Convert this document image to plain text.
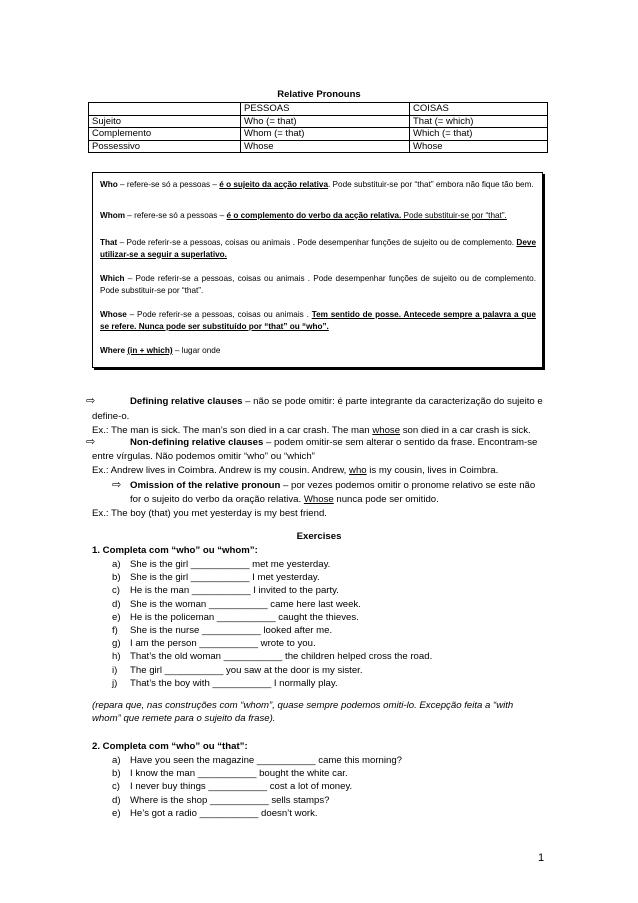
Relative Pronouns
	PESSOAS	COISAS
Sujeito	Who (= that)	That (= which)
Complemento	Whom (= that)	Which (= that)
Possessivo	Whose	Whose
Who – refere-se só a pessoas – é o sujeito da acção relativa. Pode substituir-se por “that” embora não fique tão bem.
Whom – refere-se só a pessoas – é o complemento do verbo da acção relativa. Pode substituir-se por “that”.
That – Pode referir-se a pessoas, coisas ou animais . Pode desempenhar funções de sujeito ou de complemento. Deve utilizar-se a seguir a superlativo.
Which – Pode referir-se a pessoas, coisas ou animais . Pode desempenhar funções de sujeito ou de complemento. Pode substituir-se por “that”.
Whose – Pode referir-se a pessoas, coisas ou animais . Tem sentido de posse. Antecede sempre a palavra a que se refere. Nunca pode ser substituído por “that” ou “who”.
Where (in + which) – lugar onde
⇨	Defining relative clauses – não se pode omitir: é parte integrante da caracterização do sujeito e
define-o.
Ex.: The man is sick. The man’s son died in a car crash. The man whose son died in a car crash is sick.
⇨	Non-defining relative clauses – podem omitir-se sem alterar o sentido da frase. Encontram-se
entre vírgulas. Não podemos omitir “who” ou “which”
Ex.: Andrew lives in Coimbra. Andrew is my cousin. Andrew, who is my cousin, lives in Coimbra.
⇨ Omission of the relative pronoun – por vezes podemos omitir o pronome relativo se este não
for o sujeito do verbo da oração relativa. Whose nunca pode ser omitido.
Ex.: The boy (that) you met yesterday is my best friend.
Exercises
1. Completa com “who” ou “whom”:
a) She is the girl ___________ met me yesterday.
b) She is the girl ___________ I met yesterday.
c) He is the man ___________ I invited to the party.
d) She is the woman ___________ came here last week.
e) He is the policeman ___________ caught the thieves.
f) She is the nurse ___________ looked after me.
g) I am the person ___________ wrote to you.
h) That’s the old woman ___________ the children helped cross the road.
i) The girl ___________ you saw at the door is my sister.
j) That’s the boy with ___________ I normally play.
(repara que, nas construções com “whom”, quase sempre podemos omiti-lo. Excepção feita a “with
whom” que remete para o sujeito da frase).
2. Completa com “who” ou “that”:
a) Have you seen the magazine ___________ came this morning?
b) I know the man ___________ bought the white car.
c) I never buy things ___________ cost a lot of money.
d) Where is the shop ___________ sells stamps?
e) He’s got a radio ___________ doesn’t work.
1
